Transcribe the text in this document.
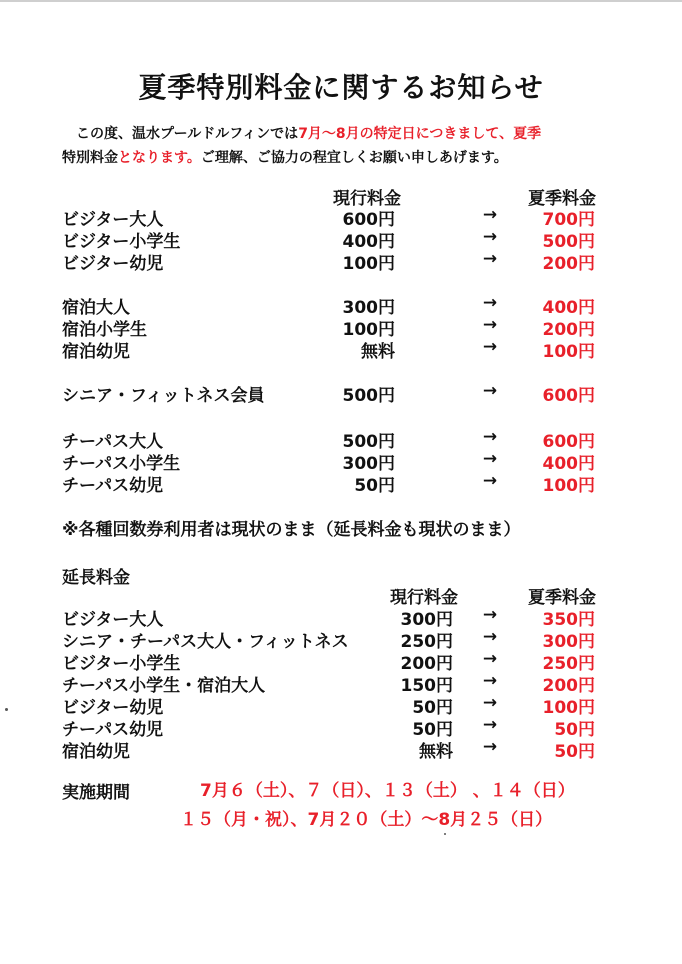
夏季特別料金に関するお知らせ
この度、温水プールドルフィンでは7月～8月の特定日につきまして、夏季
特別料金となります。ご理解、ご協力の程宜しくお願い申しあげます。
現行料金	夏季料金
ビジター大人	600円	→	700円
ビジター小学生	400円	→	500円
ビジター幼児	100円	→	200円
宿泊大人	300円	→	400円
宿泊小学生	100円	→	200円
宿泊幼児	無料	→	100円
シニア・フィットネス会員	500円	→	600円
チーパス大人	500円	→	600円
チーパス小学生	300円	→	400円
チーパス幼児	50円	→	100円
※各種回数券利用者は現状のまま（延長料金も現状のまま）
延長料金
現行料金	夏季料金
ビジター大人	300円	→	350円
シニア・チーパス大人・フィットネス	250円	→	300円
ビジター小学生	200円	→	250円
チーパス小学生・宿泊大人	150円	→	200円
ビジター幼児	50円	→	100円
チーパス幼児	50円	→	50円
宿泊幼児	無料	→	50円
実施期間	7月６（土）、７（日）、１３（土） 、１４（日）
１５（月・祝）、7月２０（土）～8月２５（日）
